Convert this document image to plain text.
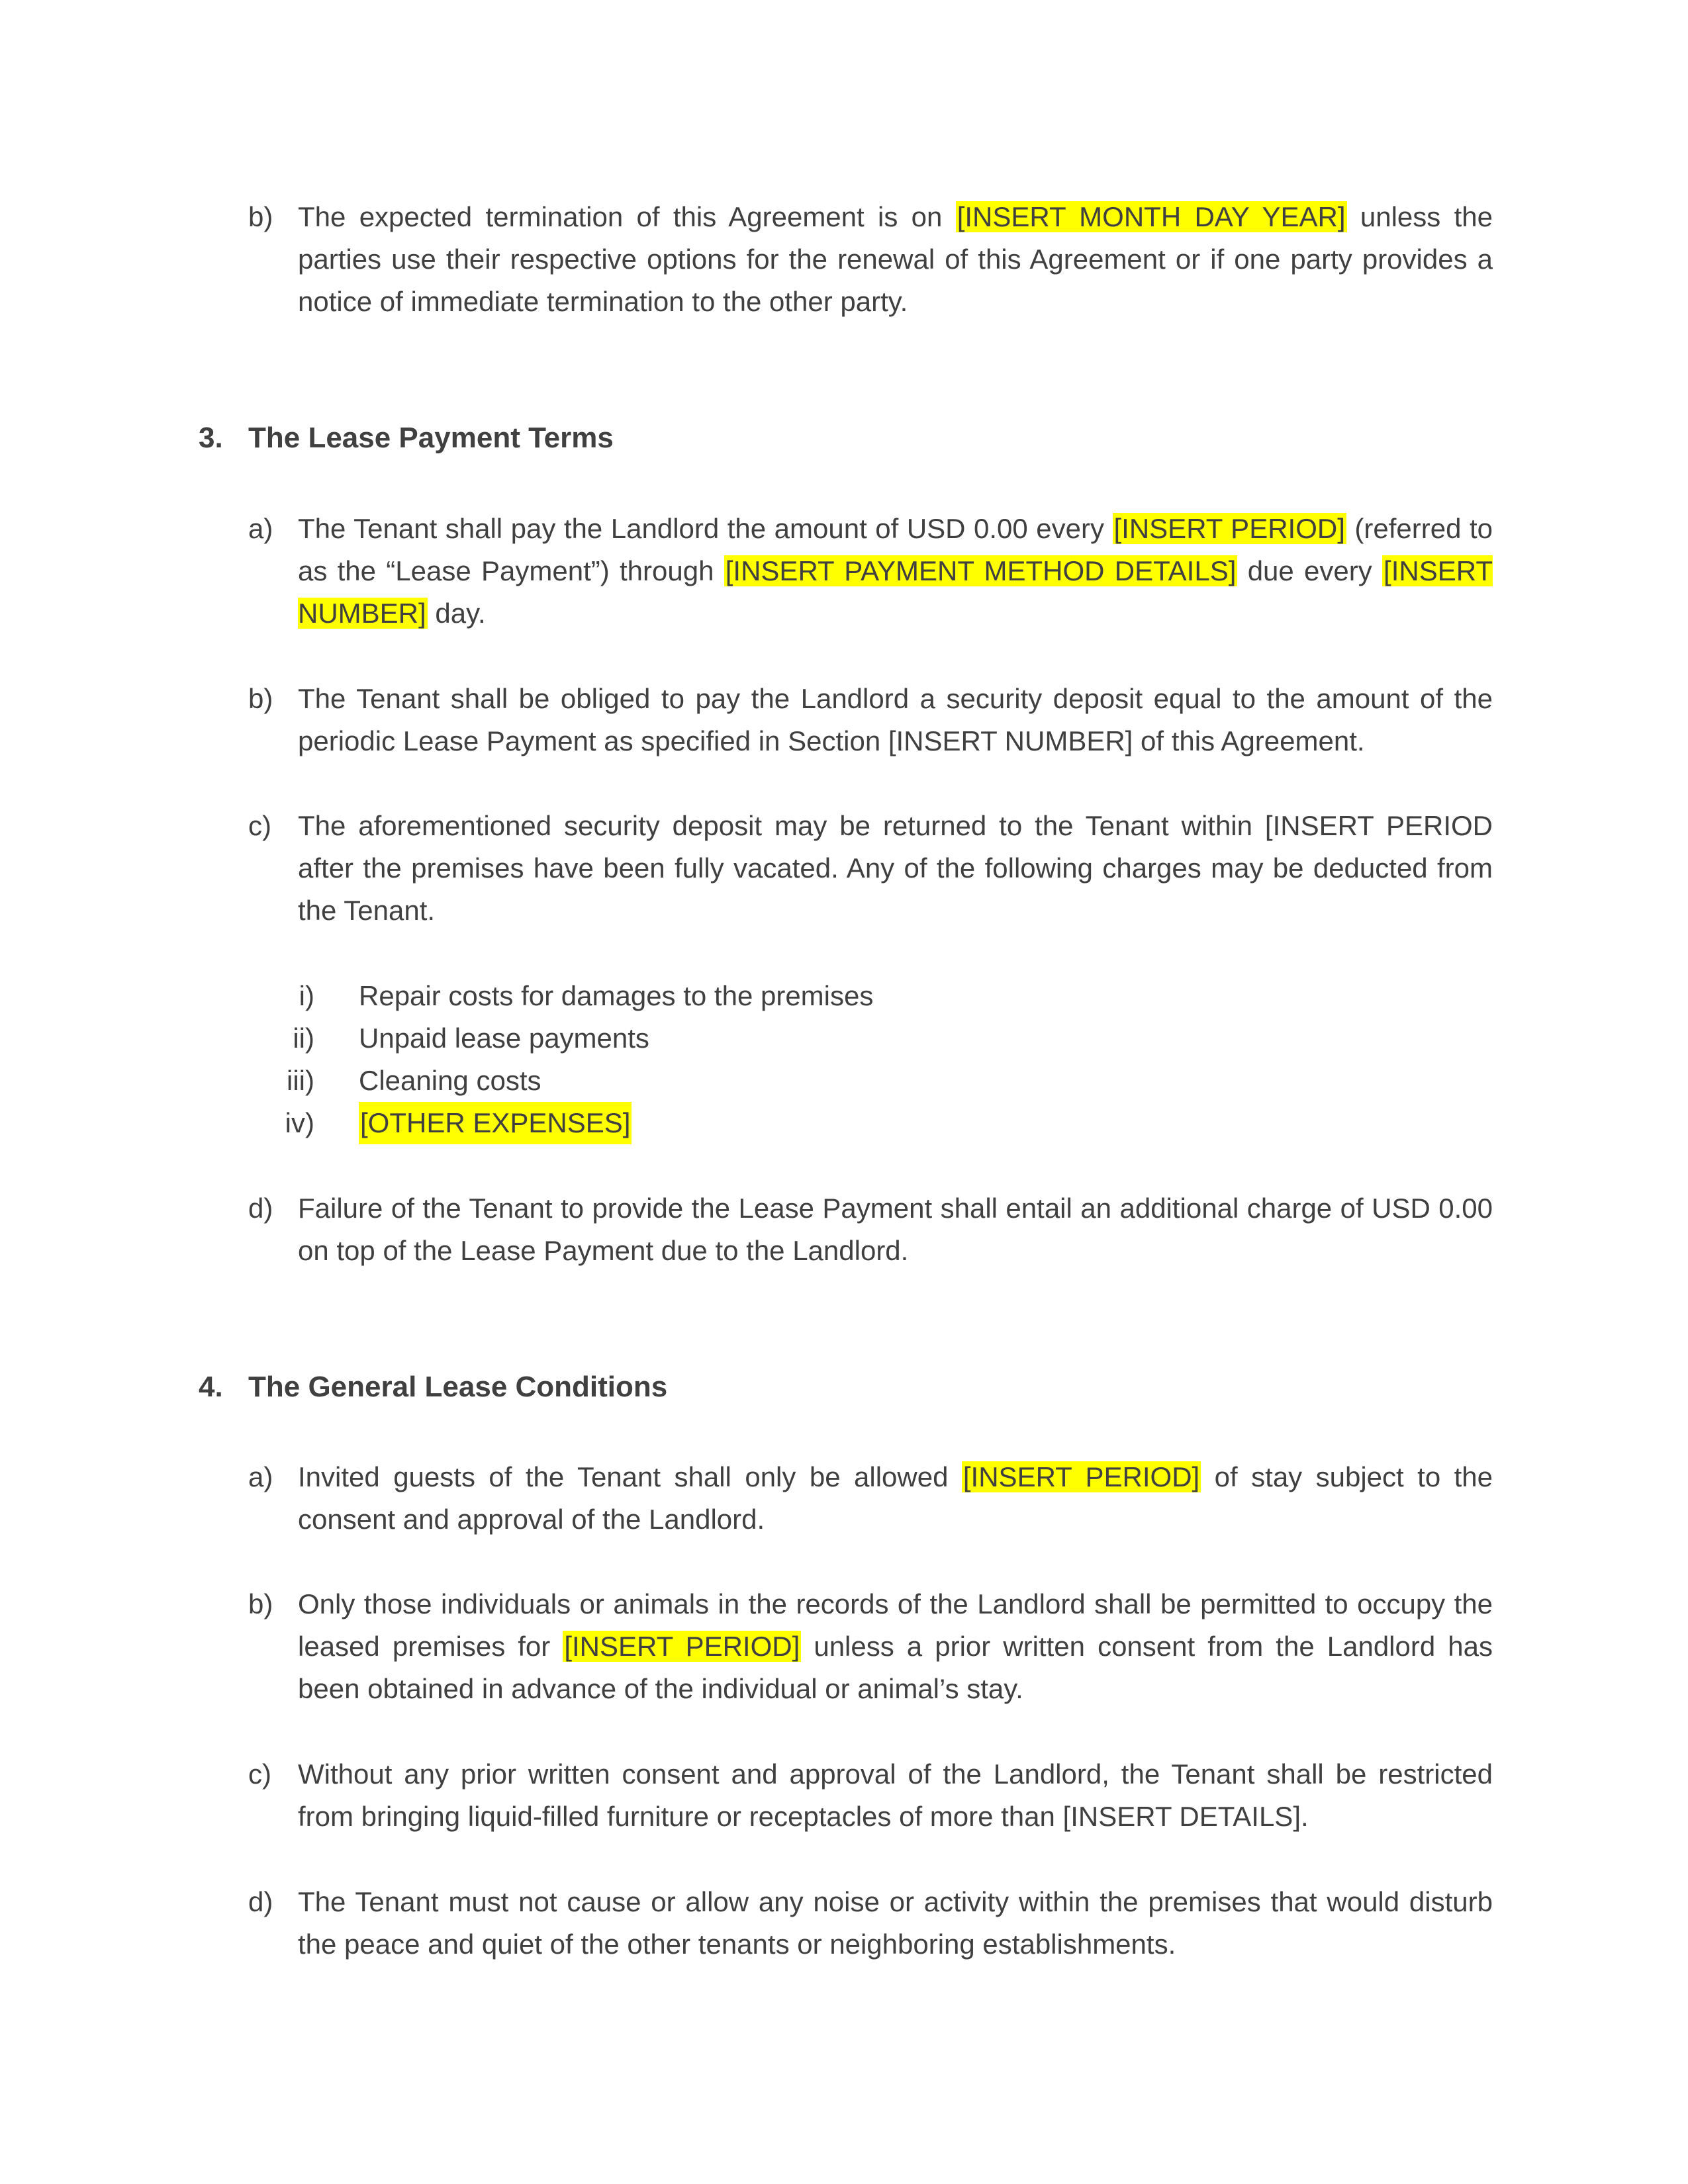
b) The expected termination of this Agreement is on [INSERT MONTH DAY YEAR] unless the parties use their respective options for the renewal of this Agreement or if one party provides a notice of immediate termination to the other party.
3. The Lease Payment Terms
a) The Tenant shall pay the Landlord the amount of USD 0.00 every [INSERT PERIOD] (referred to as the “Lease Payment”) through [INSERT PAYMENT METHOD DETAILS] due every [INSERT NUMBER] day.
b) The Tenant shall be obliged to pay the Landlord a security deposit equal to the amount of the periodic Lease Payment as specified in Section [INSERT NUMBER] of this Agreement.
c) The aforementioned security deposit may be returned to the Tenant within [INSERT PERIOD after the premises have been fully vacated. Any of the following charges may be deducted from the Tenant.
i) Repair costs for damages to the premises
ii) Unpaid lease payments
iii) Cleaning costs
iv) [OTHER EXPENSES]
d) Failure of the Tenant to provide the Lease Payment shall entail an additional charge of USD 0.00 on top of the Lease Payment due to the Landlord.
4. The General Lease Conditions
a) Invited guests of the Tenant shall only be allowed [INSERT PERIOD] of stay subject to the consent and approval of the Landlord.
b) Only those individuals or animals in the records of the Landlord shall be permitted to occupy the leased premises for [INSERT PERIOD] unless a prior written consent from the Landlord has been obtained in advance of the individual or animal’s stay.
c) Without any prior written consent and approval of the Landlord, the Tenant shall be restricted from bringing liquid-filled furniture or receptacles of more than [INSERT DETAILS].
d) The Tenant must not cause or allow any noise or activity within the premises that would disturb the peace and quiet of the other tenants or neighboring establishments.
